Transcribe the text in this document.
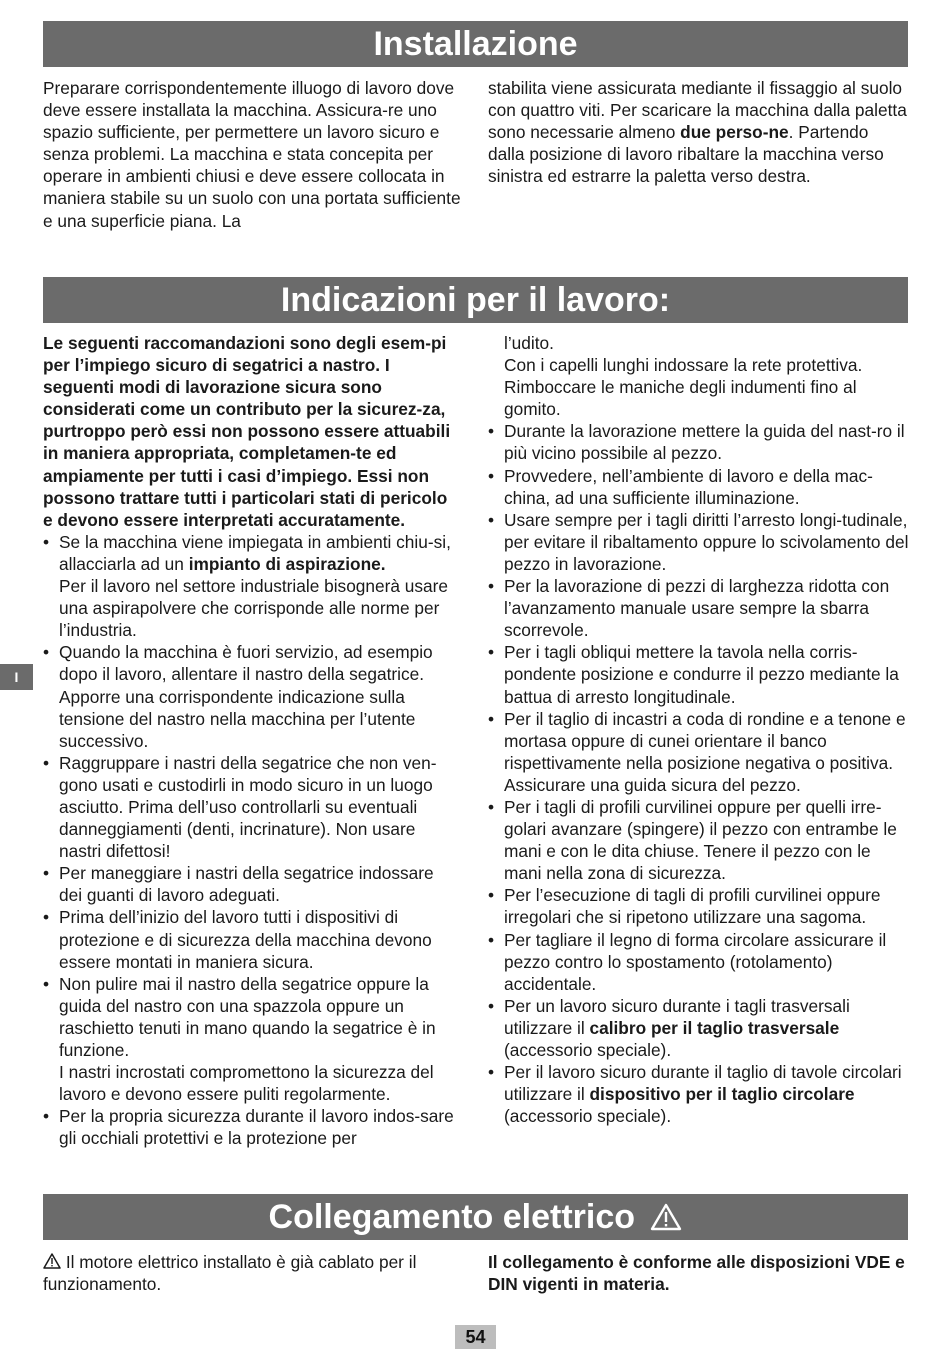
Installazione

Preparare corrispondentemente illuogo di lavoro dove deve essere installata la macchina. Assicura-re uno spazio sufficiente, per permettere un lavoro sicuro e senza problemi. La macchina e stata concepita per operare in ambienti chiusi e deve essere collocata in maniera stabile su un suolo con una portata sufficiente e una superficie piana. La

stabilita viene assicurata mediante il fissaggio al suolo con quattro viti. Per scaricare la macchina dalla paletta sono necessarie almeno due perso-ne. Partendo dalla posizione di lavoro ribaltare la macchina verso sinistra ed estrarre la paletta verso destra.

Indicazioni per il lavoro:

Le seguenti raccomandazioni sono degli esem-pi per l’impiego sicuro di segatrici a nastro. I seguenti modi di lavorazione sicura sono considerati come un contributo per la sicurez-za, purtroppo però essi non possono essere attuabili in maniera appropriata, completamen-te ed ampiamente per tutti i casi d’impiego. Essi non possono trattare tutti i particolari stati di pericolo e devono essere interpretati accuratamente.

• Se la macchina viene impiegata in ambienti chiu-si, allacciarla ad un impianto di aspirazione.
Per il lavoro nel settore industriale bisognerà usare una aspirapolvere che corrisponde alle norme per l’industria.
• Quando la macchina è fuori servizio, ad esempio dopo il lavoro, allentare il nastro della segatrice. Apporre una corrispondente indicazione sulla tensione del nastro nella macchina per l’utente successivo.
• Raggruppare i nastri della segatrice che non ven-gono usati e custodirli in modo sicuro in un luogo asciutto. Prima dell’uso controllarli su eventuali danneggiamenti (denti, incrinature). Non usare nastri difettosi!
• Per maneggiare i nastri della segatrice indossare dei guanti di lavoro adeguati.
• Prima dell’inizio del lavoro tutti i dispositivi di protezione e di sicurezza della macchina devono essere montati in maniera sicura.
• Non pulire mai il nastro della segatrice oppure la guida del nastro con una spazzola oppure un raschietto tenuti in mano quando la segatrice è in funzione.
I nastri incrostati compromettono la sicurezza del lavoro e devono essere puliti regolarmente.
• Per la propria sicurezza durante il lavoro indos-sare gli occhiali protettivi e la protezione per

l’udito.
Con i capelli lunghi indossare la rete protettiva. Rimboccare le maniche degli indumenti fino al gomito.

• Durante la lavorazione mettere la guida del nast-ro il più vicino possibile al pezzo.
• Provvedere, nell’ambiente di lavoro e della mac-china, ad una sufficiente illuminazione.
• Usare sempre per i tagli diritti l’arresto longi-tudinale, per evitare il ribaltamento oppure lo scivolamento del pezzo in lavorazione.
• Per la lavorazione di pezzi di larghezza ridotta con l’avanzamento manuale usare sempre la sbarra scorrevole.
• Per i tagli obliqui mettere la tavola nella corris-pondente posizione e condurre il pezzo mediante la battua di arresto longitudinale.
• Per il taglio di incastri a coda di rondine e a tenone e mortasa oppure di cunei orientare il banco rispettivamente nella posizione negativa o positiva. Assicurare una guida sicura del pezzo.
• Per i tagli di profili curvilinei oppure per quelli irre-golari avanzare (spingere) il pezzo con entrambe le mani e con le dita chiuse. Tenere il pezzo con le mani nella zona di sicurezza.
• Per l’esecuzione di tagli di profili curvilinei oppure irregolari che si ripetono utilizzare una sagoma.
• Per tagliare il legno di forma circolare assicurare il pezzo contro lo spostamento (rotolamento) accidentale.
• Per un lavoro sicuro durante i tagli trasversali utilizzare il calibro per il taglio trasversale (accessorio speciale).
• Per il lavoro sicuro durante il taglio di tavole circolari utilizzare il dispositivo per il taglio circolare (accessorio speciale).
I
Collegamento elettrico

Il motore elettrico installato è già cablato per il funzionamento.

Il collegamento è conforme alle disposizioni VDE e DIN vigenti in materia.

54
